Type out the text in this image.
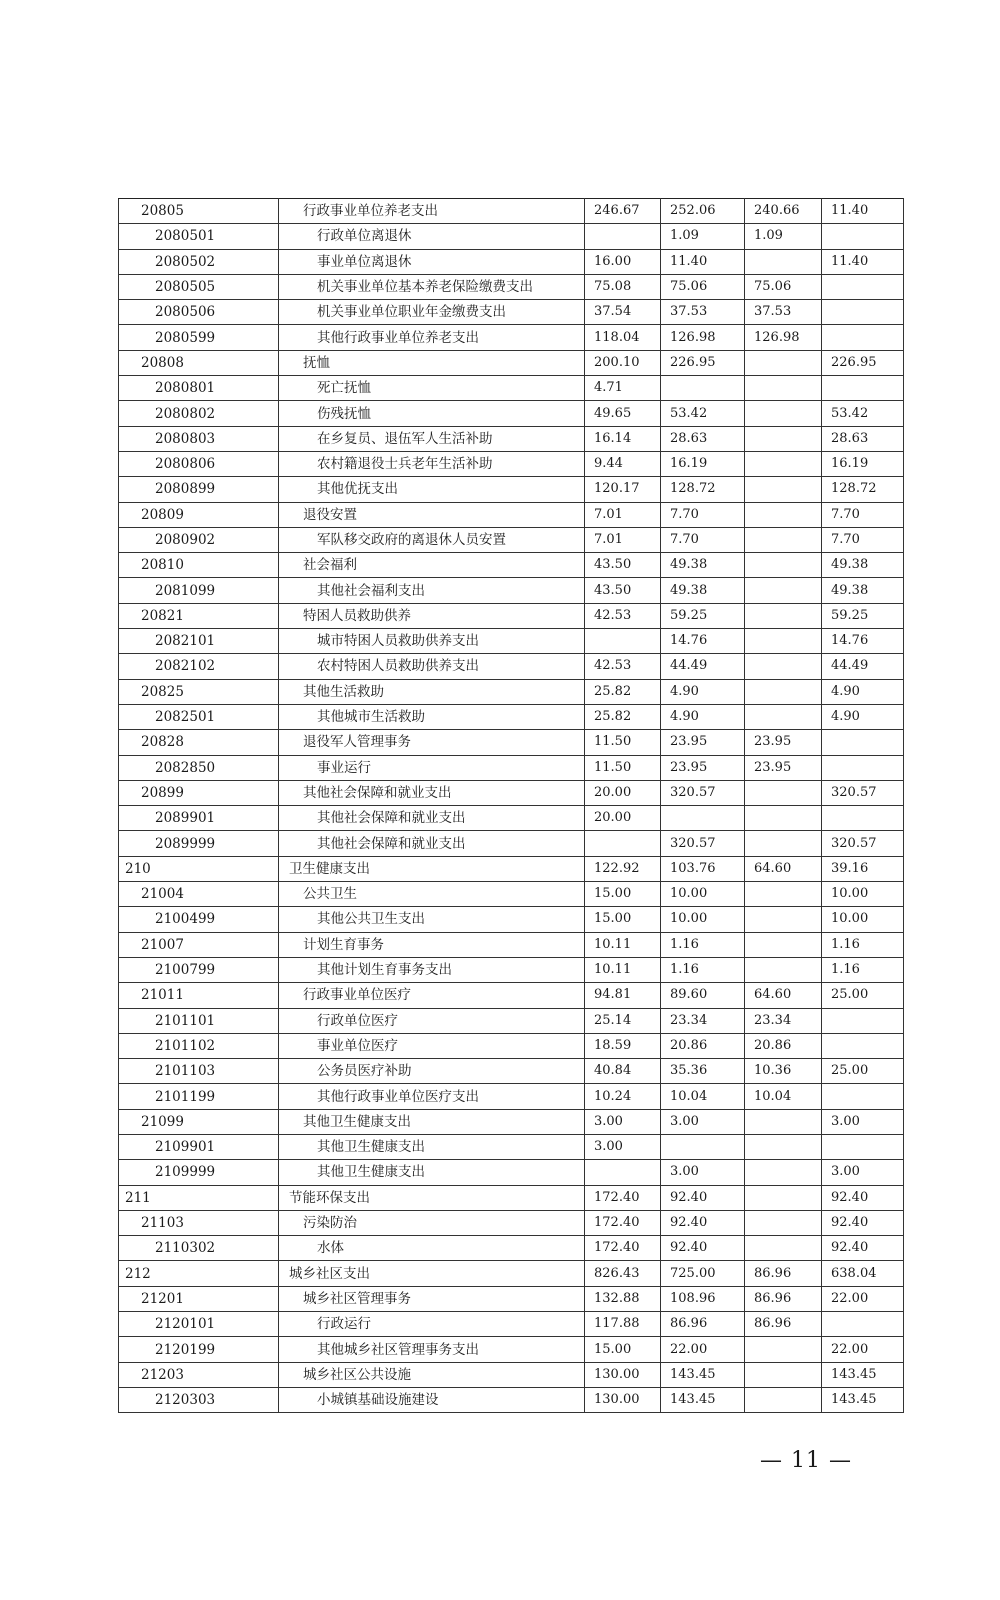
20805	行政事业单位养老支出	246.67	252.06	240.66	11.40
2080501	行政单位离退休		1.09	1.09	
2080502	事业单位离退休	16.00	11.40		11.40
2080505	机关事业单位基本养老保险缴费支出	75.08	75.06	75.06	
2080506	机关事业单位职业年金缴费支出	37.54	37.53	37.53	
2080599	其他行政事业单位养老支出	118.04	126.98	126.98	
20808	抚恤	200.10	226.95		226.95
2080801	死亡抚恤	4.71			
2080802	伤残抚恤	49.65	53.42		53.42
2080803	在乡复员、退伍军人生活补助	16.14	28.63		28.63
2080806	农村籍退役士兵老年生活补助	9.44	16.19		16.19
2080899	其他优抚支出	120.17	128.72		128.72
20809	退役安置	7.01	7.70		7.70
2080902	军队移交政府的离退休人员安置	7.01	7.70		7.70
20810	社会福利	43.50	49.38		49.38
2081099	其他社会福利支出	43.50	49.38		49.38
20821	特困人员救助供养	42.53	59.25		59.25
2082101	城市特困人员救助供养支出		14.76		14.76
2082102	农村特困人员救助供养支出	42.53	44.49		44.49
20825	其他生活救助	25.82	4.90		4.90
2082501	其他城市生活救助	25.82	4.90		4.90
20828	退役军人管理事务	11.50	23.95	23.95	
2082850	事业运行	11.50	23.95	23.95	
20899	其他社会保障和就业支出	20.00	320.57		320.57
2089901	其他社会保障和就业支出	20.00			
2089999	其他社会保障和就业支出		320.57		320.57
210	卫生健康支出	122.92	103.76	64.60	39.16
21004	公共卫生	15.00	10.00		10.00
2100499	其他公共卫生支出	15.00	10.00		10.00
21007	计划生育事务	10.11	1.16		1.16
2100799	其他计划生育事务支出	10.11	1.16		1.16
21011	行政事业单位医疗	94.81	89.60	64.60	25.00
2101101	行政单位医疗	25.14	23.34	23.34	
2101102	事业单位医疗	18.59	20.86	20.86	
2101103	公务员医疗补助	40.84	35.36	10.36	25.00
2101199	其他行政事业单位医疗支出	10.24	10.04	10.04	
21099	其他卫生健康支出	3.00	3.00		3.00
2109901	其他卫生健康支出	3.00			
2109999	其他卫生健康支出		3.00		3.00
211	节能环保支出	172.40	92.40		92.40
21103	污染防治	172.40	92.40		92.40
2110302	水体	172.40	92.40		92.40
212	城乡社区支出	826.43	725.00	86.96	638.04
21201	城乡社区管理事务	132.88	108.96	86.96	22.00
2120101	行政运行	117.88	86.96	86.96	
2120199	其他城乡社区管理事务支出	15.00	22.00		22.00
21203	城乡社区公共设施	130.00	143.45		143.45
2120303	小城镇基础设施建设	130.00	143.45		143.45
— 11 —
